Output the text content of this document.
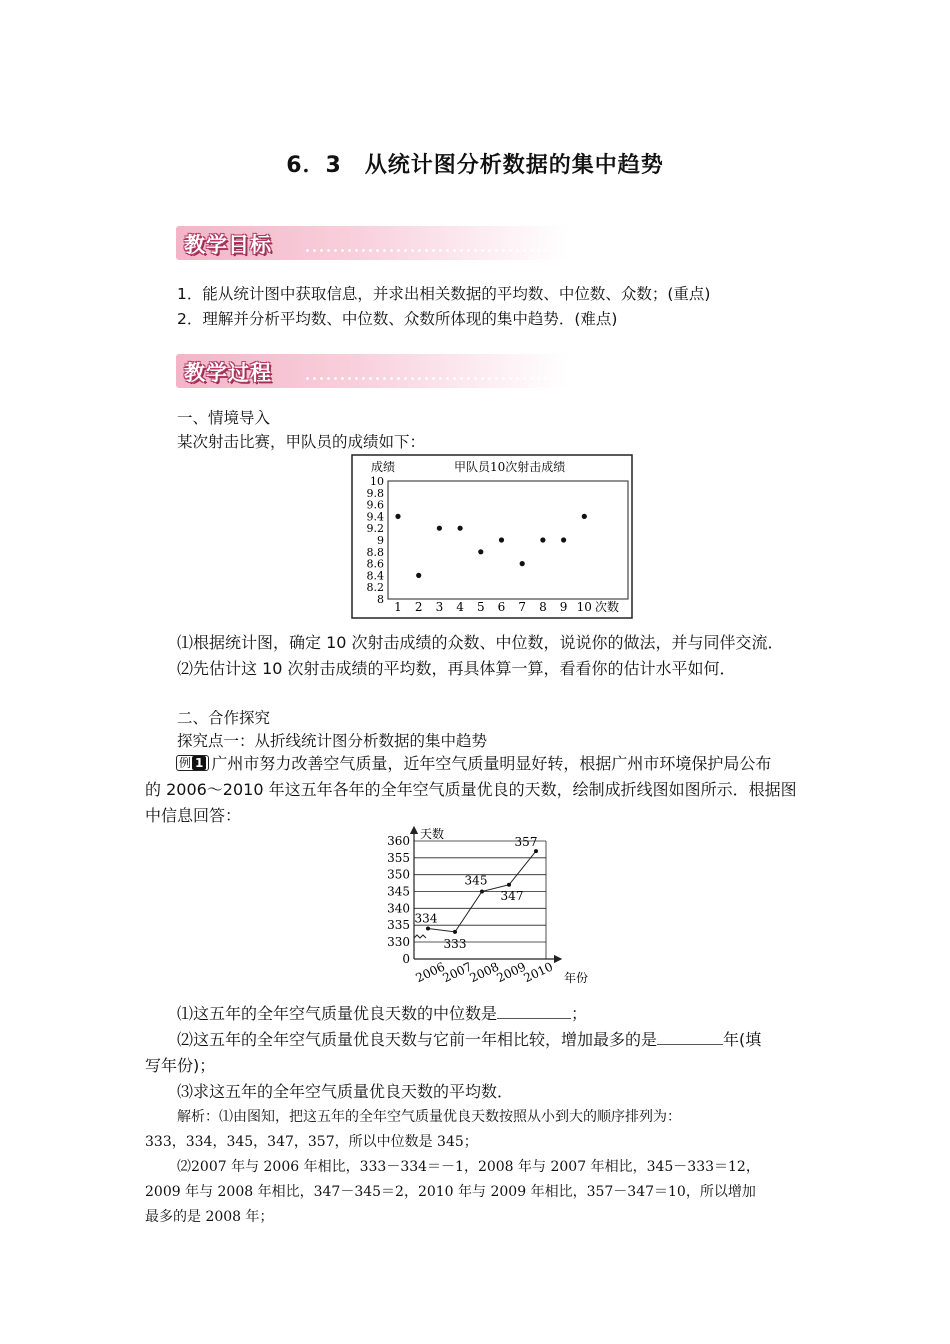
6．3　从统计图分析数据的集中趋势
教学目标
1．能从统计图中获取信息，并求出相关数据的平均数、中位数、众数；(重点)
2．理解并分析平均数、中位数、众数所体现的集中趋势．(难点)
教学过程
一、情境导入
某次射击比赛，甲队员的成绩如下：
成绩	甲队员10次射击成绩
8
8.2
8.4
8.6
8.8
9
9.2
9.4
9.6
9.8
10
1 2 3 4 5 6 7 8 9 10 次数
⑴根据统计图，确定 10 次射击成绩的众数、中位数，说说你的做法，并与同伴交流．
⑵先估计这 10 次射击成绩的平均数，再具体算一算，看看你的估计水平如何．
二、合作探究
探究点一：从折线统计图分析数据的集中趋势
例 1 广州市努力改善空气质量，近年空气质量明显好转，根据广州市环境保护局公布
的 2006～2010 年这五年各年的全年空气质量优良的天数，绘制成折线图如图所示．根据图
中信息回答：
天数
年份
0
330
335
340
345
350
355
360
2006
2007
2008
2009
2010
334
333
345
347
357
⑴这五年的全年空气质量优良天数的中位数是	；
⑵这五年的全年空气质量优良天数与它前一年相比较，增加最多的是	年(填
写年份)；
⑶求这五年的全年空气质量优良天数的平均数．
解析：⑴由图知，把这五年的全年空气质量优良天数按照从小到大的顺序排列为：
333，334，345，347，357，所以中位数是 345；
⑵2007 年与 2006 年相比，333－334＝－1，2008 年与 2007 年相比，345－333＝12，
2009 年与 2008 年相比，347－345＝2，2010 年与 2009 年相比，357－347＝10，所以增加
最多的是 2008 年；
